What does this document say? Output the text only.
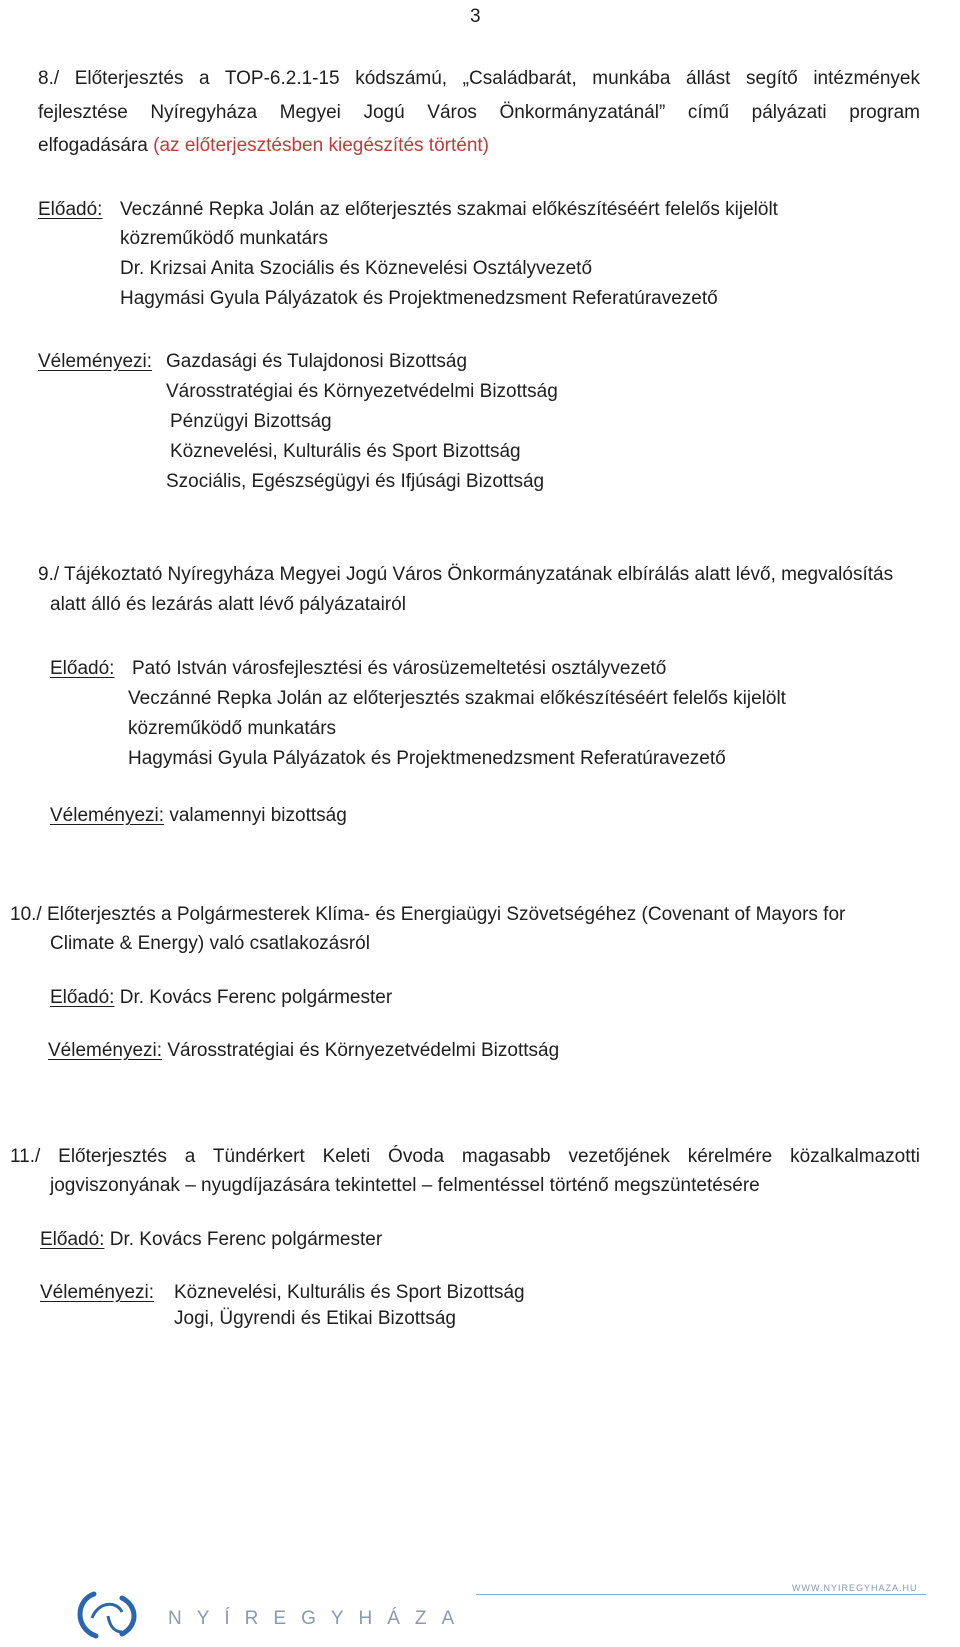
3
8./ Előterjesztés a TOP-6.2.1-15 kódszámú, „Családbarát, munkába állást segítő intézmények
fejlesztése Nyíregyháza Megyei Jogú Város Önkormányzatánál” című pályázati program
elfogadására (az előterjesztésben kiegészítés történt)
Előadó: Veczánné Repka Jolán az előterjesztés szakmai előkészítéséért felelős kijelölt
közreműködő munkatárs
Dr. Krizsai Anita Szociális és Köznevelési Osztályvezető
Hagymási Gyula Pályázatok és Projektmenedzsment Referatúravezető
Véleményezi: Gazdasági és Tulajdonosi Bizottság
Városstratégiai és Környezetvédelmi Bizottság
Pénzügyi Bizottság
Köznevelési, Kulturális és Sport Bizottság
Szociális, Egészségügyi és Ifjúsági Bizottság
9./ Tájékoztató Nyíregyháza Megyei Jogú Város Önkormányzatának elbírálás alatt lévő, megvalósítás
alatt álló és lezárás alatt lévő pályázatairól
Előadó: Pató István városfejlesztési és városüzemeltetési osztályvezető
Veczánné Repka Jolán az előterjesztés szakmai előkészítéséért felelős kijelölt
közreműködő munkatárs
Hagymási Gyula Pályázatok és Projektmenedzsment Referatúravezető
Véleményezi: valamennyi bizottság
10./ Előterjesztés a Polgármesterek Klíma- és Energiaügyi Szövetségéhez (Covenant of Mayors for
Climate & Energy) való csatlakozásról
Előadó: Dr. Kovács Ferenc polgármester
Véleményezi: Városstratégiai és Környezetvédelmi Bizottság
11./ Előterjesztés a Tündérkert Keleti Óvoda magasabb vezetőjének kérelmére közalkalmazotti
jogviszonyának – nyugdíjazására tekintettel – felmentéssel történő megszüntetésére
Előadó: Dr. Kovács Ferenc polgármester
Véleményezi: Köznevelési, Kulturális és Sport Bizottság
Jogi, Ügyrendi és Etikai Bizottság
WWW.NYIREGYHAZA.HU
NYÍREGYHÁZA
